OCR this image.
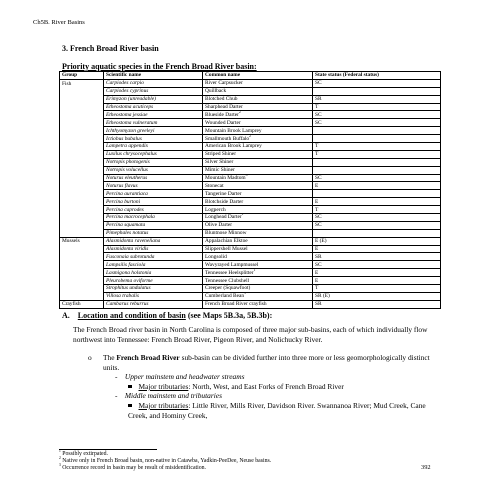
Ch5B. River Basins
3. French Broad River basin
Priority aquatic species in the French Broad River basin:
Group	Scientific name	Common name	State status (Federal status)
Fish	Carpiodes carpio	River Carpsucker	SC
	Carpiodes cyprinus	Quillback	
	Erimyzon (unreadable)	Blotched Chub	SR
	Etheostoma acuticeps	Sharphead Darter	T
	Etheostoma jessiae	Blueside Darter$^2$	SC
	Etheostoma vulneratum	Wounded Darter	SC
	Ichthyomyzon greeleyi	Mountain Brook Lamprey	
	Ictiobus bubalus	Smallmouth Buffalo$^2$	
	Lampetra appendix	American Brook Lamprey	T
	Luxilus chrysocephalus	Striped Shiner	T
	Notropis photogenis	Silver Shiner	
	Notropis volucellus	Mimic Shiner	
	Noturus eleutherus	Mountain Madtom$^3$	SC
	Noturus flavus	Stonecat	E
	Percina aurantiaca	Tangerine Darter	
	Percina burtoni	Blotchside Darter	E
	Percina caprodes	Logperch	T
	Percina macrocephala	Longhead Darter$^1$	SC
	Percina squamata	Olive Darter	SC
	Pimephales notatus	Bluntnose Minnow	
Mussels	Alasmidonta raveneliana	Appalachian Elktoe	E (E)
	Alasmidonta viridis	Slippershell Mussel	E
	Fusconaia subrotunda	Longsolid	SR
	Lampsilis fasciola	Wavyrayed Lampmussel	SC
	Lasmigona holstonia	Tennessee Heelsplitter$^1$	E
	Pleurobema oviforme	Tennessee Clubshell	E
	Strophitus undulatus	Creeper (Squawfoot)	T
	Villosa trabalis	Cumberland Bean$^1$	SR (E)
Crayfish	Cambarus reburrus	French Broad River crayfish	SR
A. Location and condition of basin (see Maps 5B.3a, 5B.3b):
The French Broad river basin in North Carolina is composed of three major sub-basins, each of which individually flow northwest into Tennessee: French Broad River, Pigeon River, and Nolichucky River.
o The French Broad River sub-basin can be divided further into three more or less geomorphologically distinct units.
- Upper mainstem and headwater streams
Major tributaries: North, West, and East Forks of French Broad River
- Middle mainstem and tributaries
Major tributaries: Little River, Mills River, Davidson River. Swannanoa River; Mud Creek, Cane Creek, and Hominy Creek,
$^1$ Possibly extirpated.
$^2$ Native only in French Broad basin, non-native in Catawba, Yadkin-PeeDee, Neuse basins.
$^3$ Occurrence record in basin may be result of misidentification.	392
